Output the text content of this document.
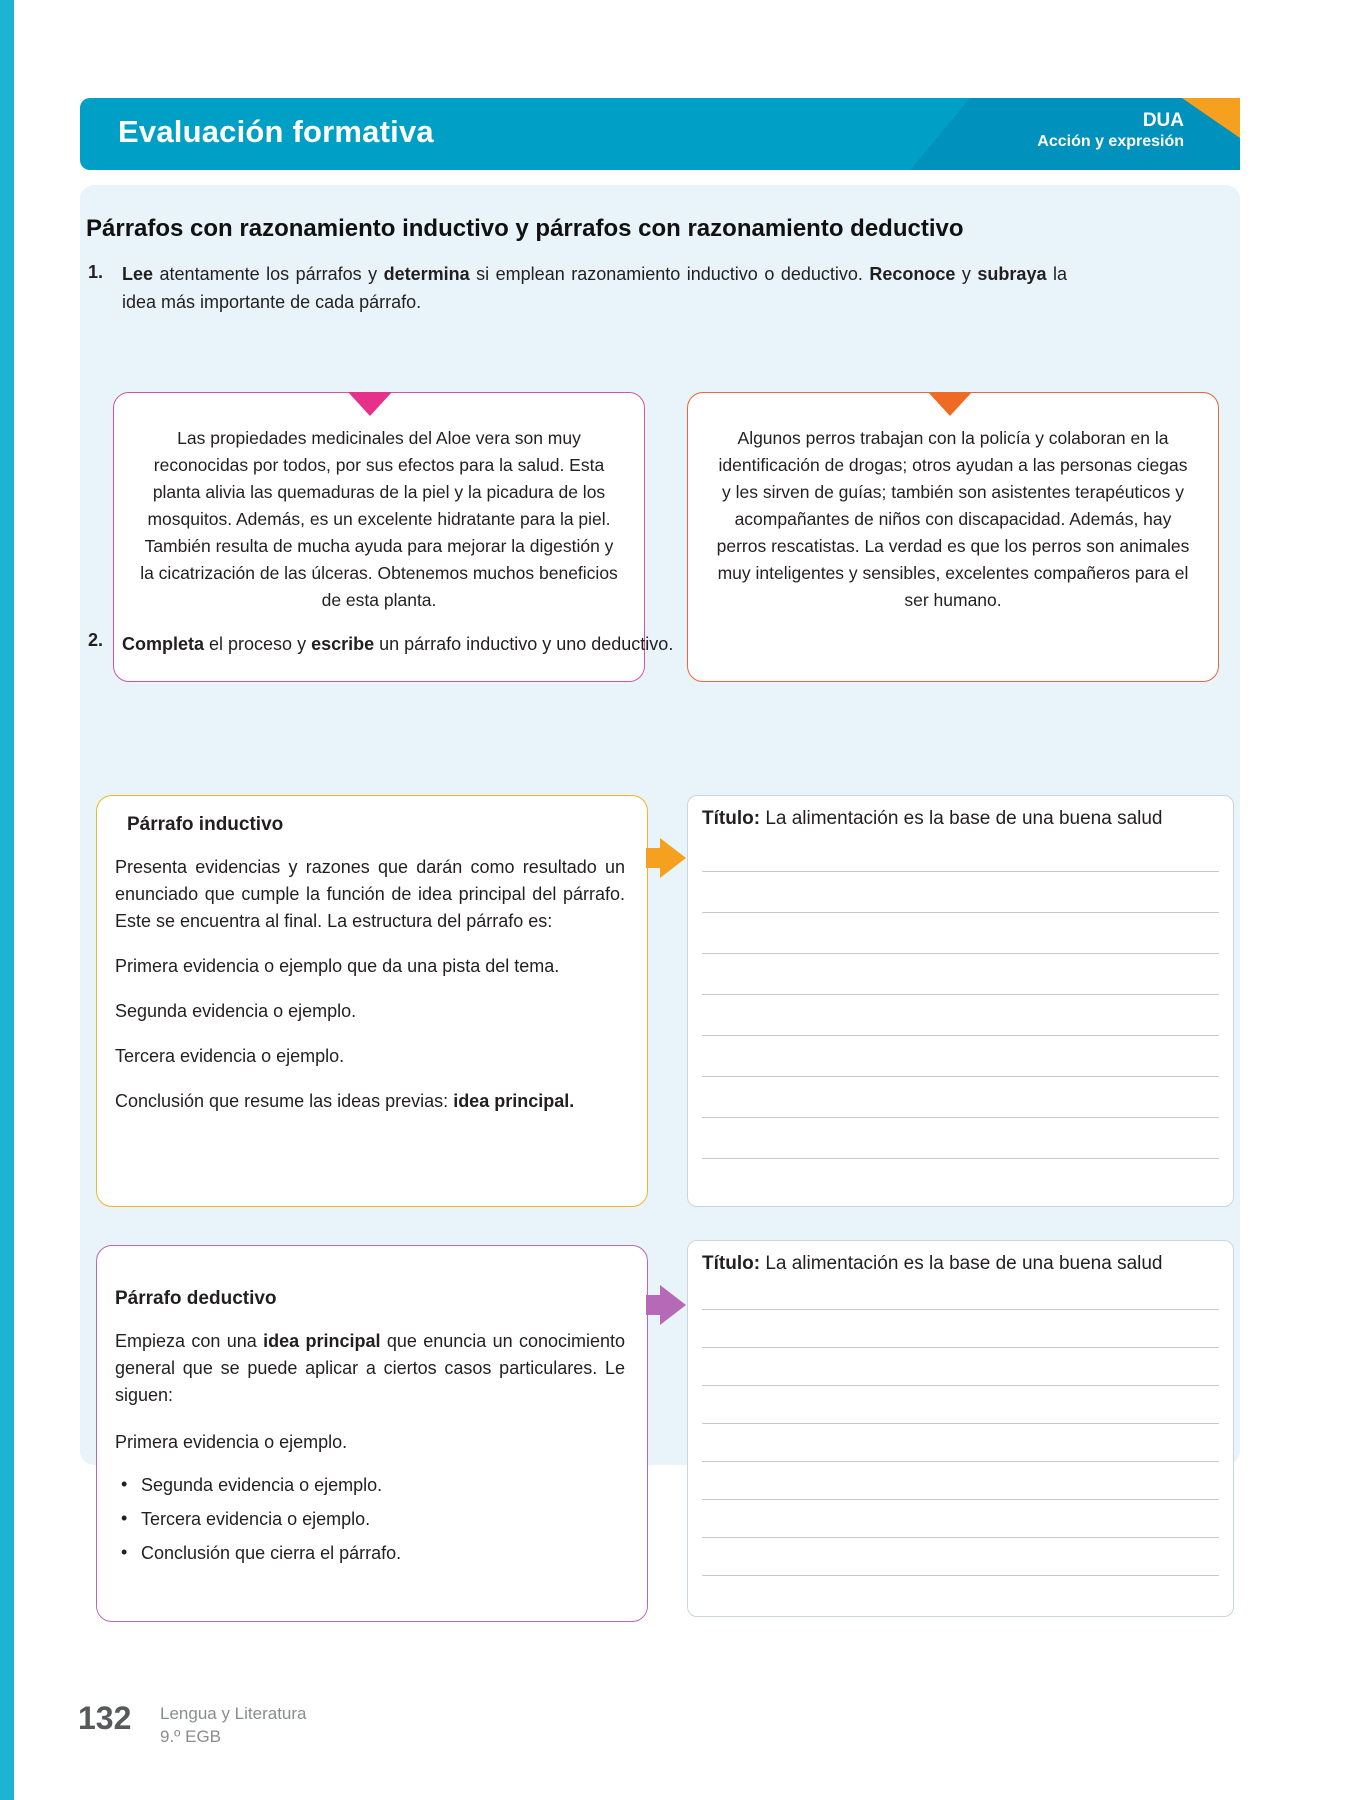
Evaluación formativa	DUA
Acción y expresión
Párrafos con razonamiento inductivo y párrafos con razonamiento deductivo
1. Lee atentamente los párrafos y determina si emplean razonamiento inductivo o deductivo. Reconoce y subraya la idea más importante de cada párrafo.

Las propiedades medicinales del Aloe vera son muy reconocidas por todos, por sus efectos para la salud. Esta planta alivia las quemaduras de la piel y la picadura de los mosquitos. Además, es un excelente hidratante para la piel. También resulta de mucha ayuda para mejorar la digestión y la cicatrización de las úlceras. Obtenemos muchos beneficios de esta planta.

Algunos perros trabajan con la policía y colaboran en la identificación de drogas; otros ayudan a las personas ciegas y les sirven de guías; también son asistentes terapéuticos y acompañantes de niños con discapacidad. Además, hay perros rescatistas. La verdad es que los perros son animales muy inteligentes y sensibles, excelentes compañeros para el ser humano.

2. Completa el proceso y escribe un párrafo inductivo y uno deductivo.
Párrafo inductivo

Presenta evidencias y razones que darán como resultado un enunciado que cumple la función de idea principal del párrafo. Este se encuentra al final. La estructura del párrafo es:

Primera evidencia o ejemplo que da una pista del tema.

Segunda evidencia o ejemplo.

Tercera evidencia o ejemplo.

Conclusión que resume las ideas previas: idea principal.

Título: La alimentación es la base de una buena salud
Párrafo deductivo

Empieza con una idea principal que enuncia un conocimiento general que se puede aplicar a ciertos casos particulares. Le siguen:

Primera evidencia o ejemplo.

• Segunda evidencia o ejemplo.
• Tercera evidencia o ejemplo.
• Conclusión que cierra el párrafo.
Título: La alimentación es la base de una buena salud
132 Lengua y Literatura
9.º EGB
